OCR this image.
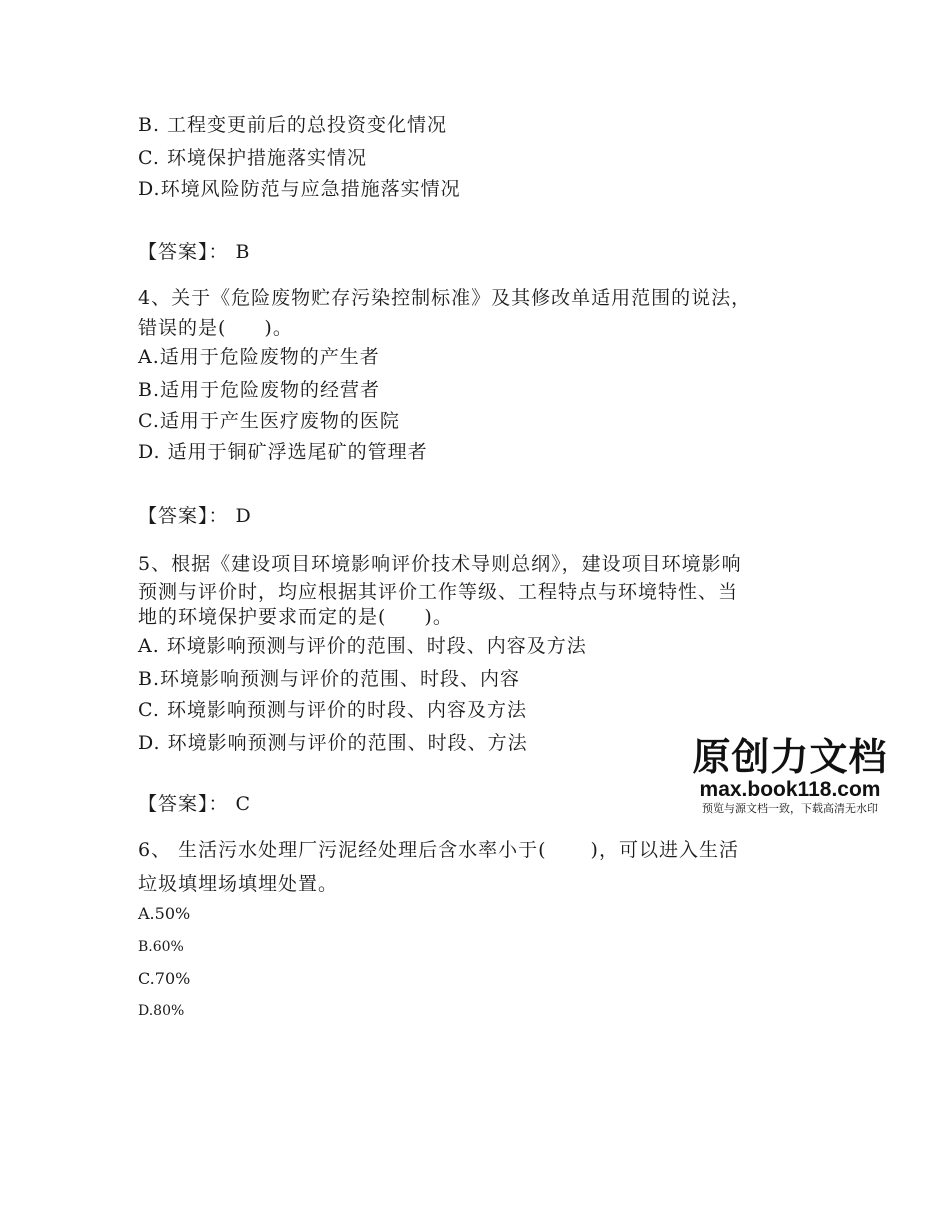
B. 工程变更前后的总投资变化情况
C. 环境保护措施落实情况
D.环境风险防范与应急措施落实情况
【答案】： B
4、关于《危险废物贮存污染控制标准》及其修改单适用范围的说法，
错误的是( )。
A.适用于危险废物的产生者
B.适用于危险废物的经营者
C.适用于产生医疗废物的医院
D. 适用于铜矿浮选尾矿的管理者
【答案】： D
5、根据《建设项目环境影响评价技术导则总纲》，建设项目环境影响
预测与评价时，均应根据其评价工作等级、工程特点与环境特性、当
地的环境保护要求而定的是( )。
A. 环境影响预测与评价的范围、时段、内容及方法
B.环境影响预测与评价的范围、时段、内容
C. 环境影响预测与评价的时段、内容及方法
D. 环境影响预测与评价的范围、时段、方法
【答案】： C
6、 生活污水处理厂污泥经处理后含水率小于( )，可以进入生活
垃圾填埋场填埋处置。
A.50%
B.60%
C.70%
D.80%
原创力文档
max.book118.com
预览与源文档一致，下载高清无水印
